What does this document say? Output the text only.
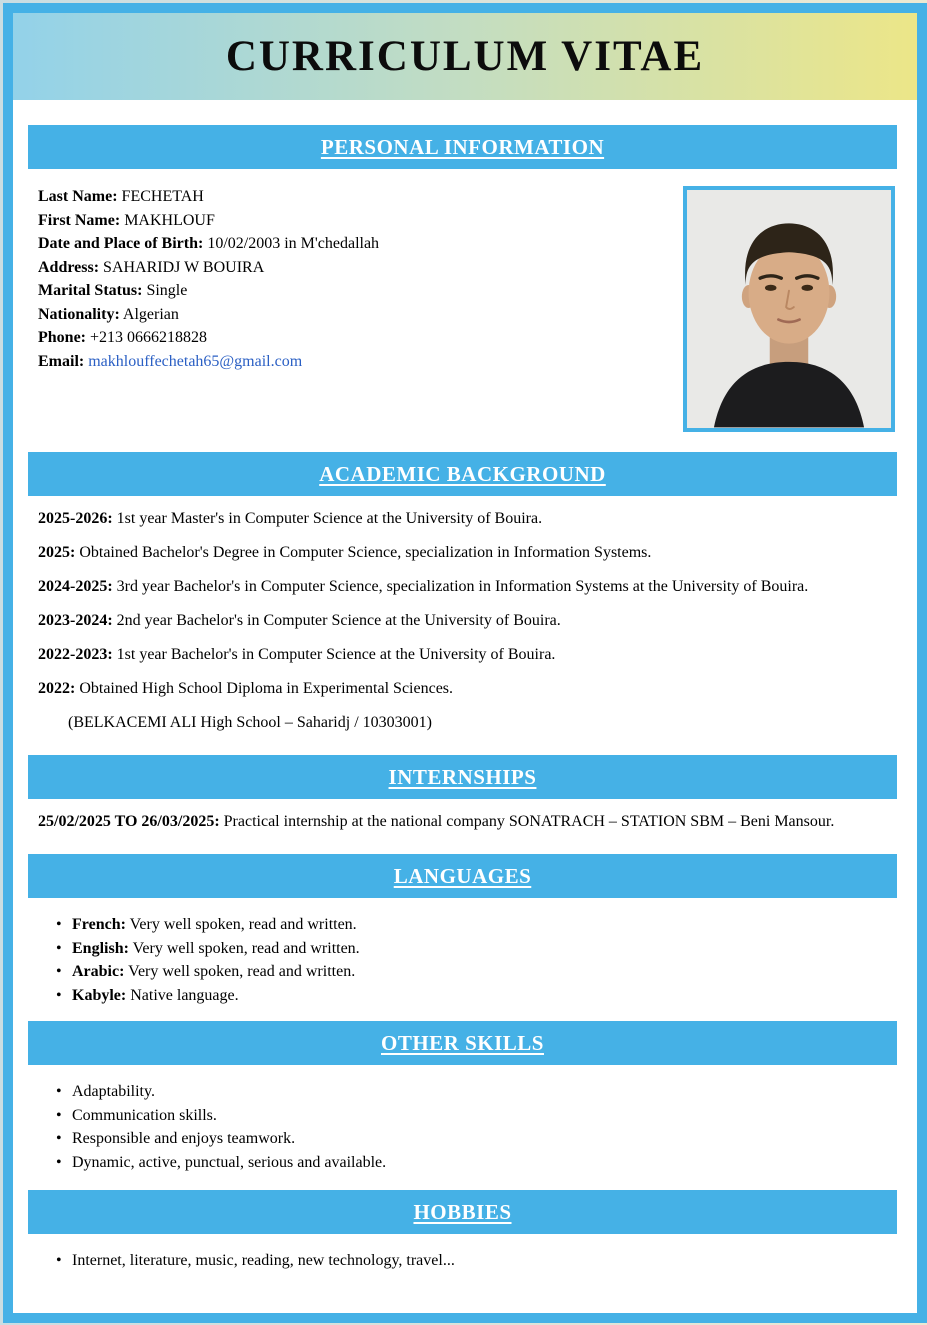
CURRICULUM VITAE
PERSONAL INFORMATION
Last Name: FECHETAH
First Name: MAKHLOUF
Date and Place of Birth: 10/02/2003 in M'chedallah
Address: SAHARIDJ W BOUIRA
Marital Status: Single
Nationality: Algerian
Phone: +213 0666218828
Email: makhlouffechetah65@gmail.com
ACADEMIC BACKGROUND

2025-2026: 1st year Master's in Computer Science at the University of Bouira.

2025: Obtained Bachelor's Degree in Computer Science, specialization in Information Systems.

2024-2025: 3rd year Bachelor's in Computer Science, specialization in Information Systems at the University of Bouira.

2023-2024: 2nd year Bachelor's in Computer Science at the University of Bouira.

2022-2023: 1st year Bachelor's in Computer Science at the University of Bouira.

2022: Obtained High School Diploma in Experimental Sciences.

(BELKACEMI ALI High School – Saharidj / 10303001)

INTERNSHIPS

25/02/2025 TO 26/03/2025: Practical internship at the national company SONATRACH – STATION SBM – Beni Mansour.

LANGUAGES
• French: Very well spoken, read and written.
• English: Very well spoken, read and written.
• Arabic: Very well spoken, read and written.
• Kabyle: Native language.
OTHER SKILLS
• Adaptability.
• Communication skills.
• Responsible and enjoys teamwork.
• Dynamic, active, punctual, serious and available.
HOBBIES
• Internet, literature, music, reading, new technology, travel...
